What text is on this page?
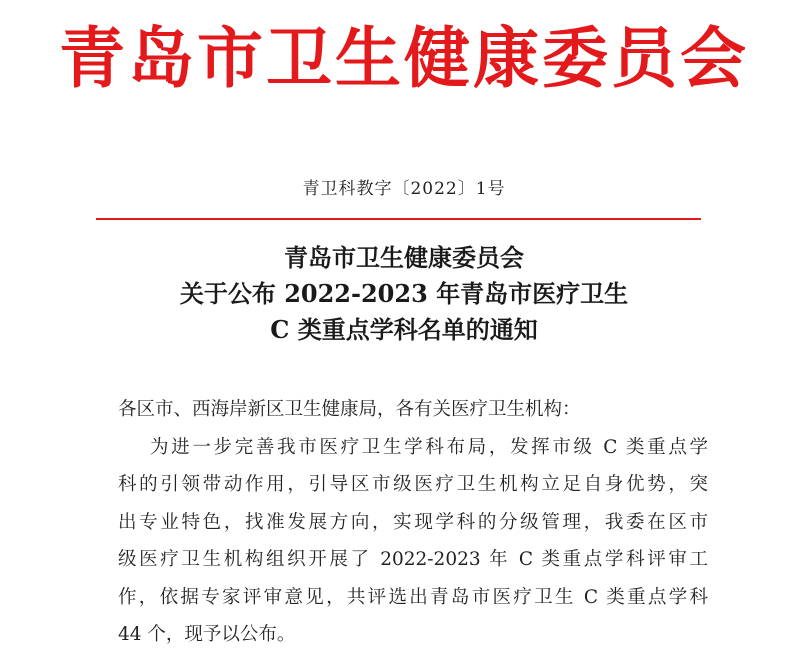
青岛市卫生健康委员会
青卫科教字〔2022〕1号
青岛市卫生健康委员会
关于公布 2022-2023 年青岛市医疗卫生
C 类重点学科名单的通知
各区市、西海岸新区卫生健康局，各有关医疗卫生机构：
为进一步完善我市医疗卫生学科布局，发挥市级 C 类重点学
科的引领带动作用，引导区市级医疗卫生机构立足自身优势，突
出专业特色，找准发展方向，实现学科的分级管理，我委在区市
级医疗卫生机构组织开展了 2022-2023 年 C 类重点学科评审工
作，依据专家评审意见，共评选出青岛市医疗卫生 C 类重点学科
44 个，现予以公布。
